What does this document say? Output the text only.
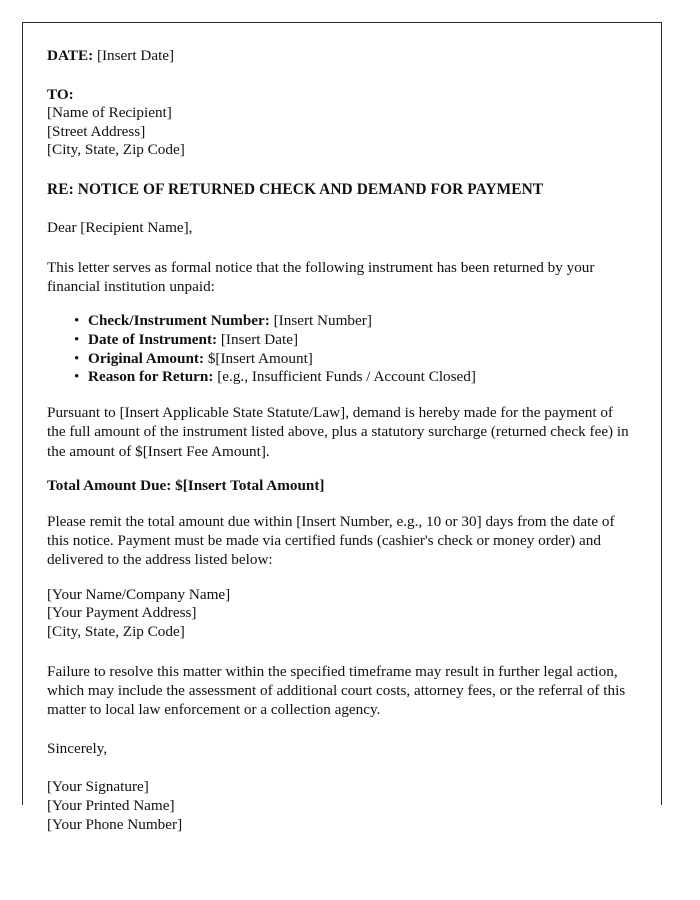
DATE: [Insert Date]
TO:
[Name of Recipient]
[Street Address]
[City, State, Zip Code]
RE: NOTICE OF RETURNED CHECK AND DEMAND FOR PAYMENT
Dear [Recipient Name],

This letter serves as formal notice that the following instrument has been returned by your financial institution unpaid:

• Check/Instrument Number: [Insert Number]
• Date of Instrument: [Insert Date]
• Original Amount: $[Insert Amount]
• Reason for Return: [e.g., Insufficient Funds / Account Closed]

Pursuant to [Insert Applicable State Statute/Law], demand is hereby made for the payment of the full amount of the instrument listed above, plus a statutory surcharge (returned check fee) in the amount of $[Insert Fee Amount].

Total Amount Due: $[Insert Total Amount]

Please remit the total amount due within [Insert Number, e.g., 10 or 30] days from the date of this notice. Payment must be made via certified funds (cashier's check or money order) and delivered to the address listed below:

[Your Name/Company Name]
[Your Payment Address]
[City, State, Zip Code]

Failure to resolve this matter within the specified timeframe may result in further legal action, which may include the assessment of additional court costs, attorney fees, or the referral of this matter to local law enforcement or a collection agency.

Sincerely,
[Your Signature]
[Your Printed Name]
[Your Phone Number]
